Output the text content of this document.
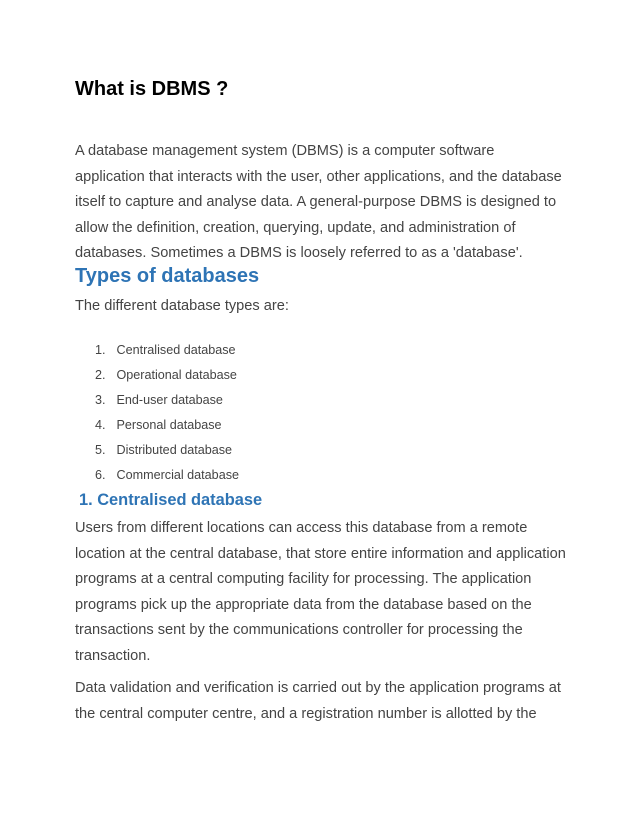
What is DBMS ?

A database management system (DBMS) is a computer software application that interacts with the user, other applications, and the database itself to capture and analyse data. A general-purpose DBMS is designed to allow the definition, creation, querying, update, and administration of databases. Sometimes a DBMS is loosely referred to as a 'database'.

Types of databases

The different database types are:

1. Centralised database
2. Operational database
3. End-user database
4. Personal database
5. Distributed database
6. Commercial database
1. Centralised database

Users from different locations can access this database from a remote location at the central database, that store entire information and application programs at a central computing facility for processing. The application programs pick up the appropriate data from the database based on the transactions sent by the communications controller for processing the transaction.

Data validation and verification is carried out by the application programs at the central computer centre, and a registration number is allotted by the
